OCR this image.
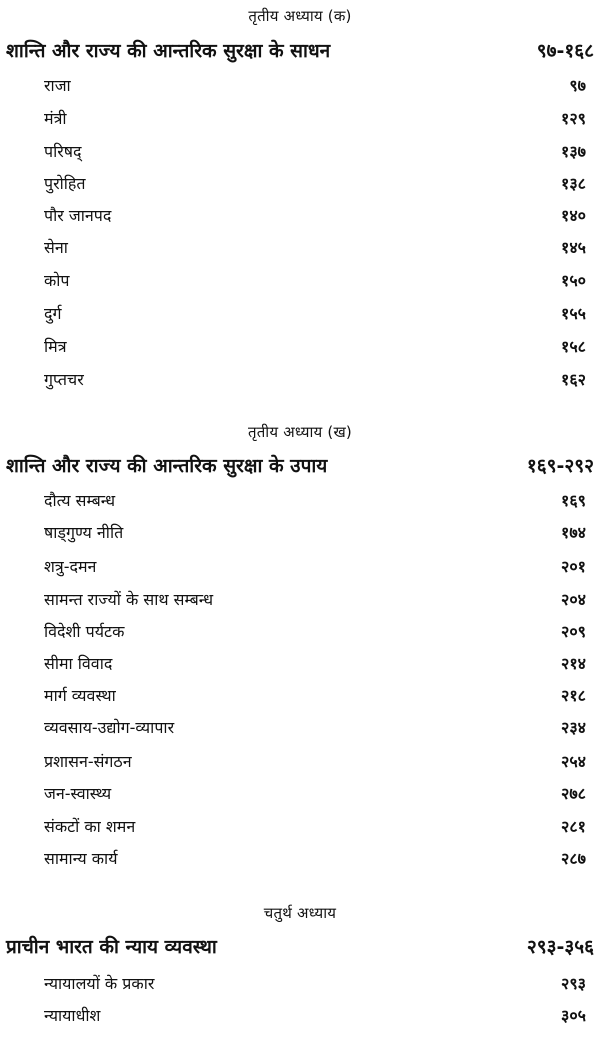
तृतीय अध्याय (क)
शान्ति और राज्य की आन्तरिक सुरक्षा के साधन	९७-१६८
राजा	९७
मंत्री	१२९
परिषद्	१३७
पुरोहित	१३८
पौर जानपद	१४०
सेना	१४५
कोप	१५०
दुर्ग	१५५
मित्र	१५८
गुप्तचर	१६२
तृतीय अध्याय (ख)
शान्ति और राज्य की आन्तरिक सुरक्षा के उपाय	१६९-२९२
दौत्य सम्बन्ध	१६९
षाड्गुण्य नीति	१७४
शत्रु-दमन	२०१
सामन्त राज्यों के साथ सम्बन्ध	२०४
विदेशी पर्यटक	२०९
सीमा विवाद	२१४
मार्ग व्यवस्था	२१८
व्यवसाय-उद्योग-व्यापार	२३४
प्रशासन-संगठन	२५४
जन-स्वास्थ्य	२७८
संकटों का शमन	२८१
सामान्य कार्य	२८७
चतुर्थ अध्याय
प्राचीन भारत की न्याय व्यवस्था	२९३-३५६
न्यायालयों के प्रकार	२९३
न्यायाधीश	३०५
